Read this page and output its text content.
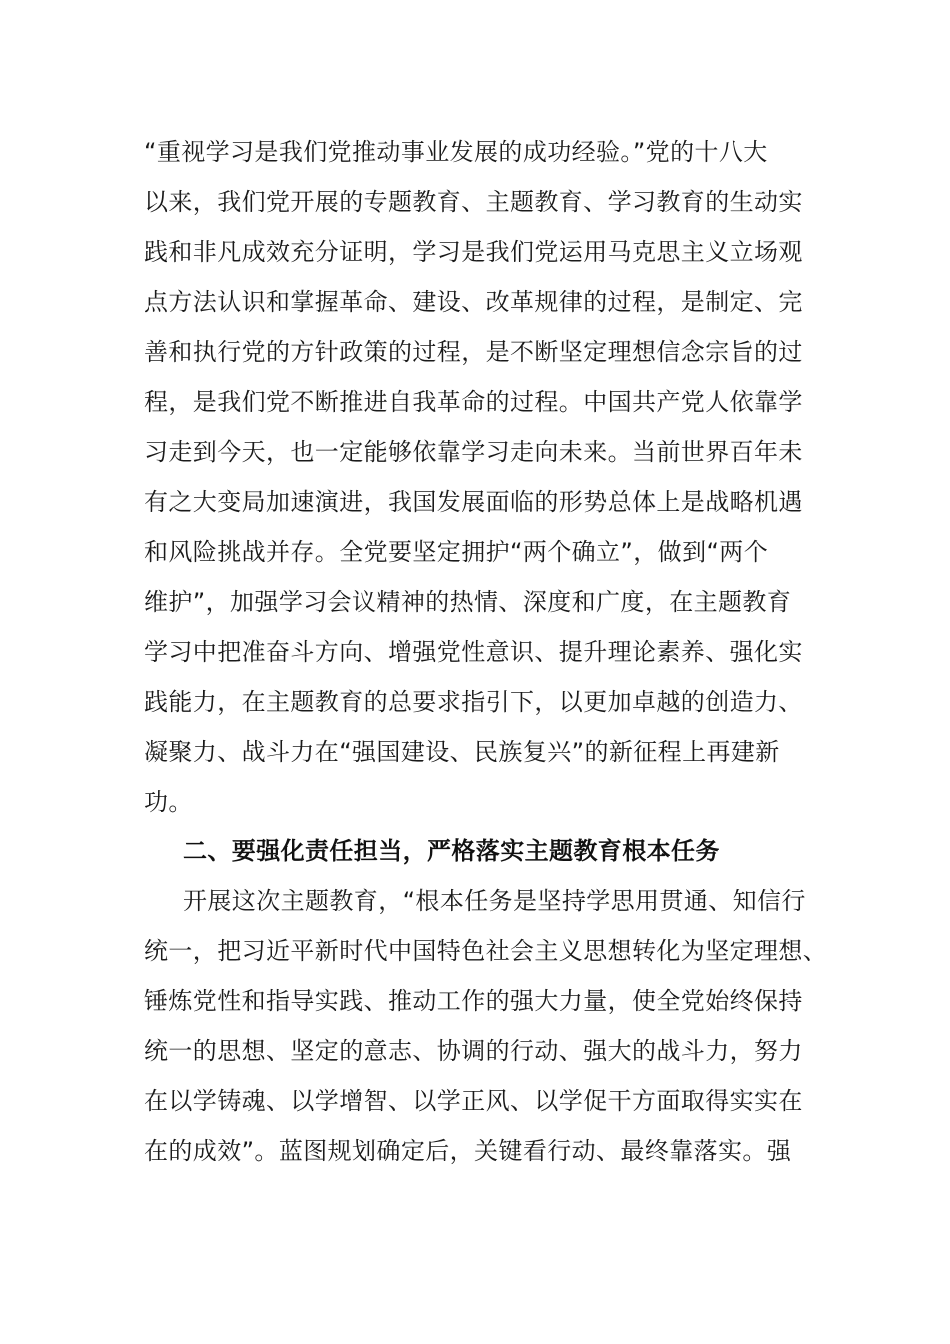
“重视学习是我们党推动事业发展的成功经验。”党的十八大
以来，我们党开展的专题教育、主题教育、学习教育的生动实
践和非凡成效充分证明，学习是我们党运用马克思主义立场观
点方法认识和掌握革命、建设、改革规律的过程，是制定、完
善和执行党的方针政策的过程，是不断坚定理想信念宗旨的过
程，是我们党不断推进自我革命的过程。中国共产党人依靠学
习走到今天，也一定能够依靠学习走向未来。当前世界百年未
有之大变局加速演进，我国发展面临的形势总体上是战略机遇
和风险挑战并存。全党要坚定拥护“两个确立”，做到“两个
维护”，加强学习会议精神的热情、深度和广度，在主题教育
学习中把准奋斗方向、增强党性意识、提升理论素养、强化实
践能力，在主题教育的总要求指引下，以更加卓越的创造力、
凝聚力、战斗力在“强国建设、民族复兴”的新征程上再建新
功。
二、要强化责任担当，严格落实主题教育根本任务
开展这次主题教育，“根本任务是坚持学思用贯通、知信行
统一，把习近平新时代中国特色社会主义思想转化为坚定理想、
锤炼党性和指导实践、推动工作的强大力量，使全党始终保持
统一的思想、坚定的意志、协调的行动、强大的战斗力，努力
在以学铸魂、以学增智、以学正风、以学促干方面取得实实在
在的成效”。蓝图规划确定后，关键看行动、最终靠落实。强
